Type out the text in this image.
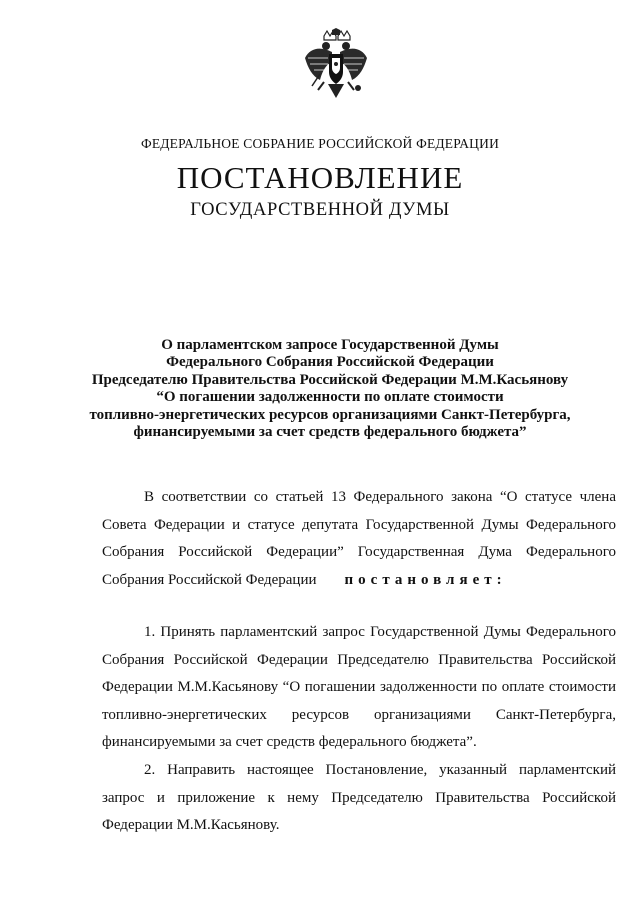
ФЕДЕРАЛЬНОЕ СОБРАНИЕ РОССИЙСКОЙ ФЕДЕРАЦИИ
ПОСТАНОВЛЕНИЕ
ГОСУДАРСТВЕННОЙ ДУМЫ
О парламентском запросе Государственной Думы
Федерального Собрания Российской Федерации
Председателю Правительства Российской Федерации М.М.Касьянову
“О погашении задолженности по оплате стоимости
топливно-энергетических ресурсов организациями Санкт-Петербурга,
финансируемыми за счет средств федерального бюджета”
В соответствии со статьей 13 Федерального закона “О статусе члена
Совета Федерации и статусе депутата Государственной Думы Федерального
Собрания Российской Федерации” Государственная Дума Федерального
Собрания Российской Федерации постановляет:
1. Принять парламентский запрос Государственной Думы Федерального
Собрания Российской Федерации Председателю Правительства Российской
Федерации М.М.Касьянову “О погашении задолженности по оплате стоимости
топливно-энергетических ресурсов организациями Санкт-Петербурга,
финансируемыми за счет средств федерального бюджета”.
2. Направить настоящее Постановление, указанный парламентский
запрос и приложение к нему Председателю Правительства Российской
Федерации М.М.Касьянову.
